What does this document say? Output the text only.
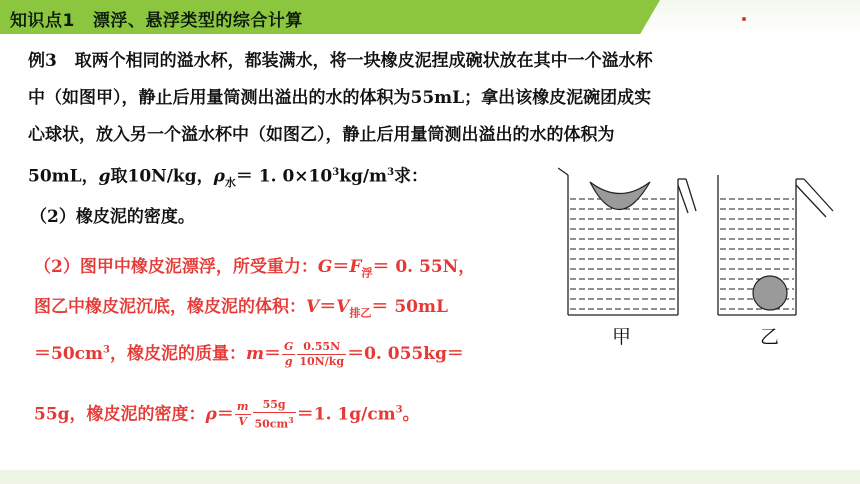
知识点1 漂浮、悬浮类型的综合计算
例3 取两个相同的溢水杯，都装满水，将一块橡皮泥捏成碗状放在其中一个溢水杯
中（如图甲），静止后用量筒测出溢出的水的体积为55mL；拿出该橡皮泥碗团成实
心球状，放入另一个溢水杯中（如图乙），静止后用量筒测出溢出的水的体积为
50mL，g取10N/kg，$\rho_水= 1$. $0\times 10^3kg/m^3$求：
（2）橡皮泥的密度。
（2）图甲中橡皮泥漂浮，所受重力：$G=F_浮= 0$. 55N，
图乙中橡皮泥沉底，橡皮泥的体积：$V=V_{排乙}= 50mL$
$=50cm^3$，橡皮泥的质量：$m= \frac{G}{g} \frac{0.55N}{10N/kg} =0$. 055kg＝
55g，橡皮泥的密度：$\rho= \frac{m}{V} \frac{55g}{50cm^3} =1$. $1g/cm^3$。
甲	乙
